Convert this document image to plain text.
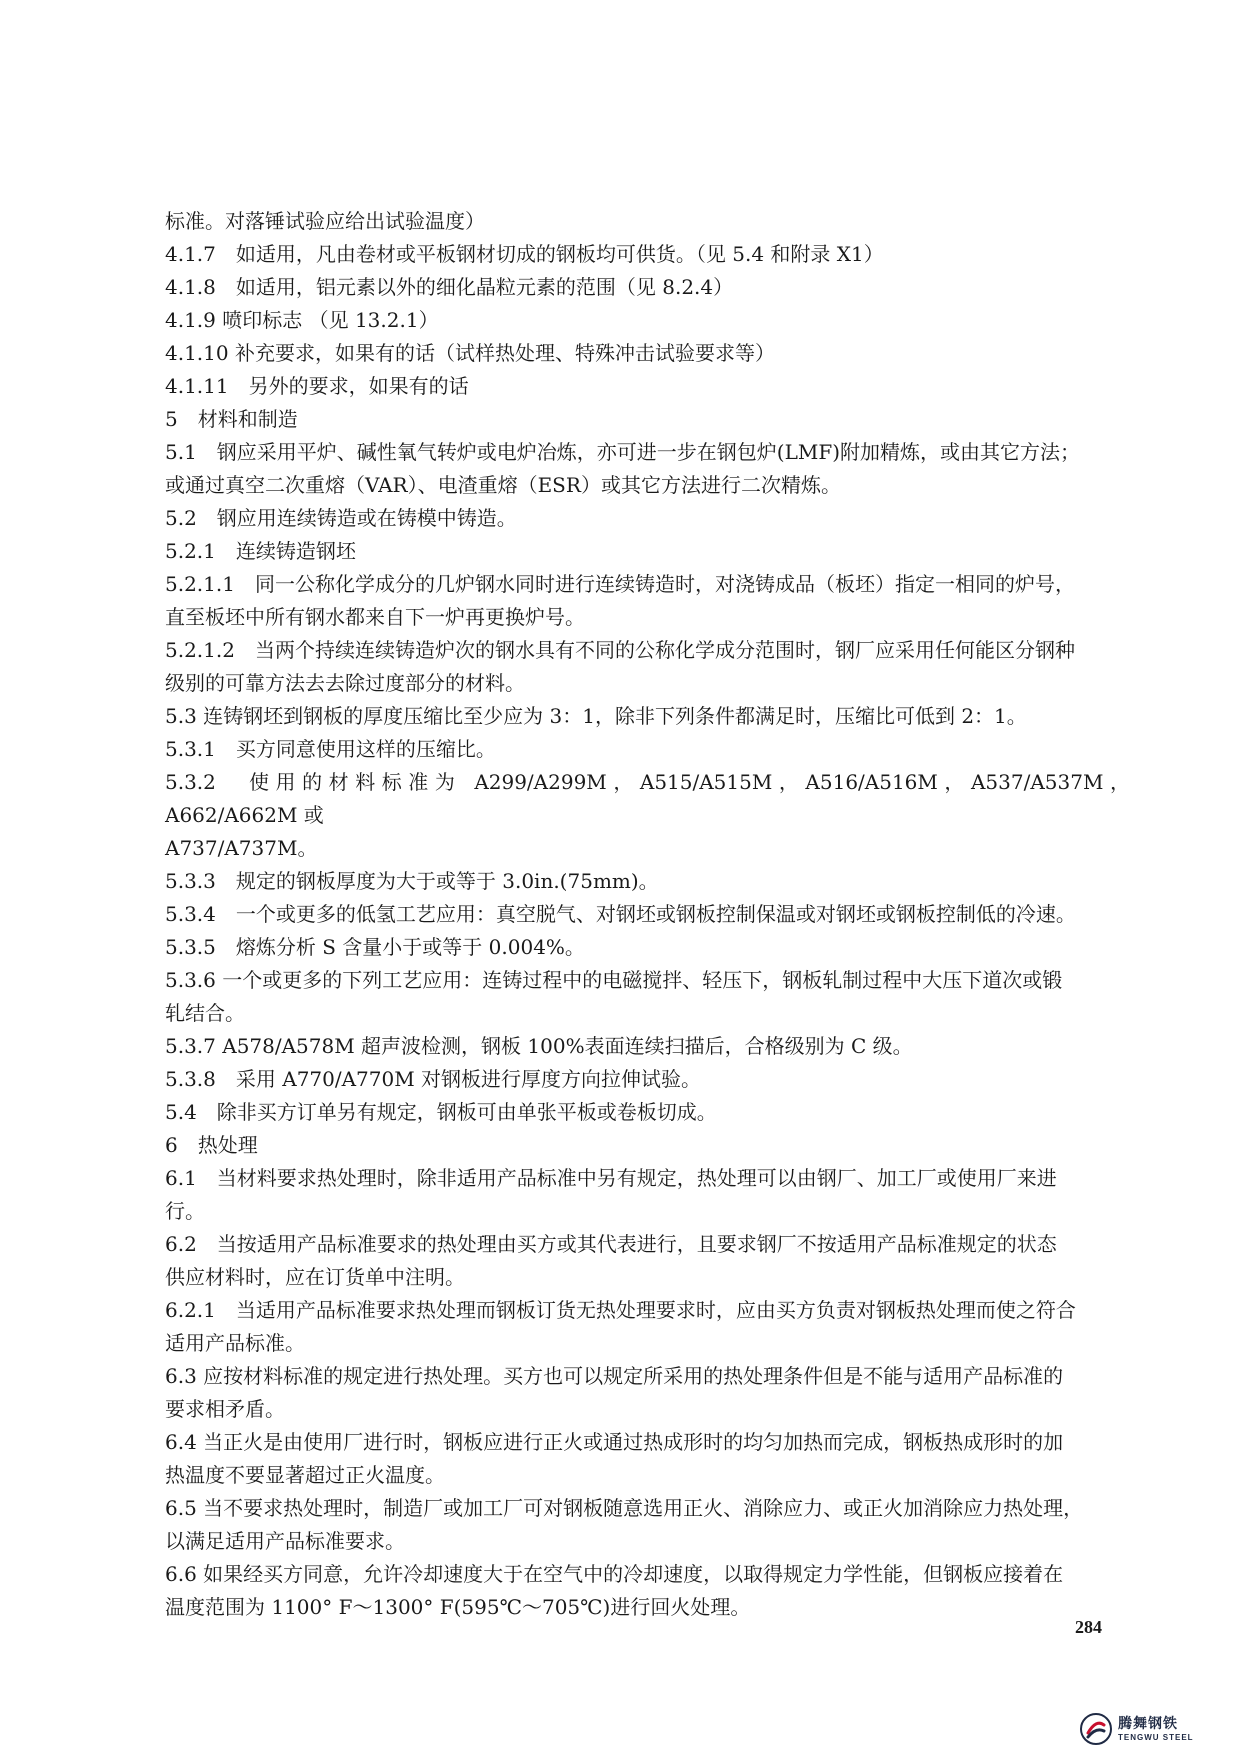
标准。对落锤试验应给出试验温度）
4.1.7　如适用，凡由卷材或平板钢材切成的钢板均可供货。（见 5.4 和附录 X1）
4.1.8　如适用，铝元素以外的细化晶粒元素的范围（见 8.2.4）
4.1.9 喷印标志 （见 13.2.1）
4.1.10 补充要求，如果有的话（试样热处理、特殊冲击试验要求等）
4.1.11　另外的要求，如果有的话
5　材料和制造
5.1　钢应采用平炉、碱性氧气转炉或电炉冶炼，亦可进一步在钢包炉(LMF)附加精炼，或由其它方法；
或通过真空二次重熔（VAR）、电渣重熔（ESR）或其它方法进行二次精炼。
5.2　钢应用连续铸造或在铸模中铸造。
5.2.1　连续铸造钢坯
5.2.1.1　同一公称化学成分的几炉钢水同时进行连续铸造时，对浇铸成品（板坯）指定一相同的炉号，
直至板坯中所有钢水都来自下一炉再更换炉号。
5.2.1.2　当两个持续连续铸造炉次的钢水具有不同的公称化学成分范围时，钢厂应采用任何能区分钢种
级别的可靠方法去去除过度部分的材料。
5.3 连铸钢坯到钢板的厚度压缩比至少应为 3：1，除非下列条件都满足时，压缩比可低到 2：1。
5.3.1　买方同意使用这样的压缩比。
5.3.2　使用的材料标准为 A299/A299M，A515/A515M，A516/A516M，A537/A537M，A662/A662M 或
A737/A737M。
5.3.3　规定的钢板厚度为大于或等于 3.0in.(75mm)。
5.3.4　一个或更多的低氢工艺应用：真空脱气、对钢坯或钢板控制保温或对钢坯或钢板控制低的冷速。
5.3.5　熔炼分析 S 含量小于或等于 0.004%。
5.3.6 一个或更多的下列工艺应用：连铸过程中的电磁搅拌、轻压下，钢板轧制过程中大压下道次或锻
轧结合。
5.3.7 A578/A578M 超声波检测，钢板 100%表面连续扫描后，合格级别为 C 级。
5.3.8　采用 A770/A770M 对钢板进行厚度方向拉伸试验。
5.4　除非买方订单另有规定，钢板可由单张平板或卷板切成。
6　热处理
6.1　当材料要求热处理时，除非适用产品标准中另有规定，热处理可以由钢厂、加工厂或使用厂来进
行。
6.2　当按适用产品标准要求的热处理由买方或其代表进行，且要求钢厂不按适用产品标准规定的状态
供应材料时，应在订货单中注明。
6.2.1　当适用产品标准要求热处理而钢板订货无热处理要求时，应由买方负责对钢板热处理而使之符合
适用产品标准。
6.3 应按材料标准的规定进行热处理。买方也可以规定所采用的热处理条件但是不能与适用产品标准的
要求相矛盾。
6.4 当正火是由使用厂进行时，钢板应进行正火或通过热成形时的均匀加热而完成，钢板热成形时的加
热温度不要显著超过正火温度。
6.5 当不要求热处理时，制造厂或加工厂可对钢板随意选用正火、消除应力、或正火加消除应力热处理，
以满足适用产品标准要求。
6.6 如果经买方同意，允许冷却速度大于在空气中的冷却速度，以取得规定力学性能，但钢板应接着在
温度范围为 1100° F～1300° F(595℃～705℃)进行回火处理。
284
腾舞钢铁
TENGWU STEEL
